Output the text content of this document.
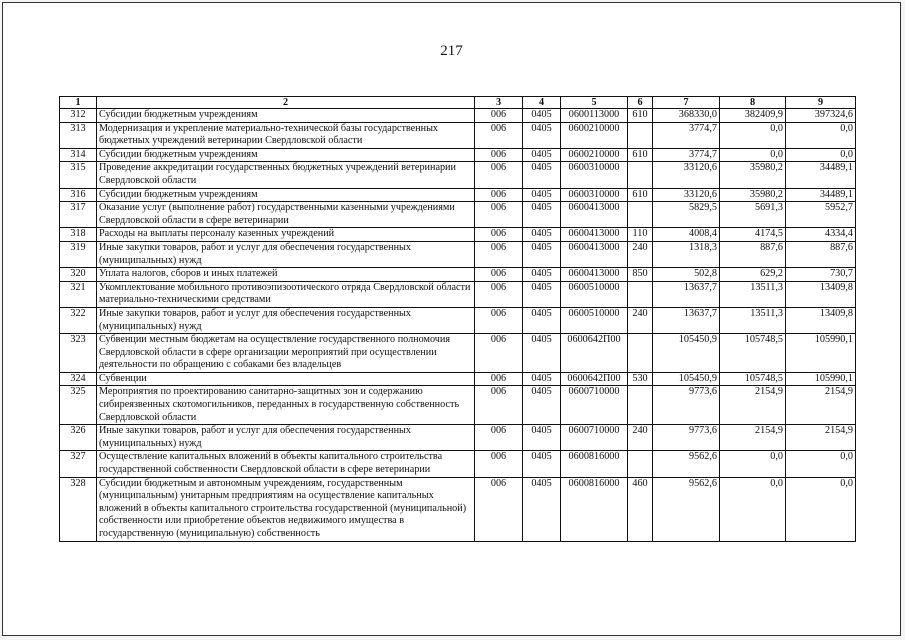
217
1	2	3	4	5	6	7	8	9
312	Субсидии бюджетным учреждениям	006	0405	0600113000	610	368330,0	382409,9	397324,6
313	Модернизация и укрепление материально-технической базы государственных бюджетных учреждений ветеринарии Свердловской области	006	0405	0600210000		3774,7	0,0	0,0
314	Субсидии бюджетным учреждениям	006	0405	0600210000	610	3774,7	0,0	0,0
315	Проведение аккредитации государственных бюджетных учреждений ветеринарии Свердловской области	006	0405	0600310000		33120,6	35980,2	34489,1
316	Субсидии бюджетным учреждениям	006	0405	0600310000	610	33120,6	35980,2	34489,1
317	Оказание услуг (выполнение работ) государственными казенными учреждениями Свердловской области в сфере ветеринарии	006	0405	0600413000		5829,5	5691,3	5952,7
318	Расходы на выплаты персоналу казенных учреждений	006	0405	0600413000	110	4008,4	4174,5	4334,4
319	Иные закупки товаров, работ и услуг для обеспечения государственных (муниципальных) нужд	006	0405	0600413000	240	1318,3	887,6	887,6
320	Уплата налогов, сборов и иных платежей	006	0405	0600413000	850	502,8	629,2	730,7
321	Укомплектование мобильного противоэпизоотического отряда Свердловской области материально-техническими средствами	006	0405	0600510000		13637,7	13511,3	13409,8
322	Иные закупки товаров, работ и услуг для обеспечения государственных (муниципальных) нужд	006	0405	0600510000	240	13637,7	13511,3	13409,8
323	Субвенции местным бюджетам на осуществление государственного полномочия Свердловской области в сфере организации мероприятий при осуществлении деятельности по обращению с собаками без владельцев	006	0405	0600642П00		105450,9	105748,5	105990,1
324	Субвенции	006	0405	0600642П00	530	105450,9	105748,5	105990,1
325	Мероприятия по проектированию санитарно-защитных зон и содержанию сибиреязвенных скотомогильников, переданных в государственную собственность Свердловской области	006	0405	0600710000		9773,6	2154,9	2154,9
326	Иные закупки товаров, работ и услуг для обеспечения государственных (муниципальных) нужд	006	0405	0600710000	240	9773,6	2154,9	2154,9
327	Осуществление капитальных вложений в объекты капитального строительства государственной собственности Свердловской области в сфере ветеринарии	006	0405	0600816000		9562,6	0,0	0,0
328	Субсидии бюджетным и автономным учреждениям, государственным (муниципальным) унитарным предприятиям на осуществление капитальных вложений в объекты капитального строительства государственной (муниципальной) собственности или приобретение объектов недвижимого имущества в государственную (муниципальную) собственность	006	0405	0600816000	460	9562,6	0,0	0,0
